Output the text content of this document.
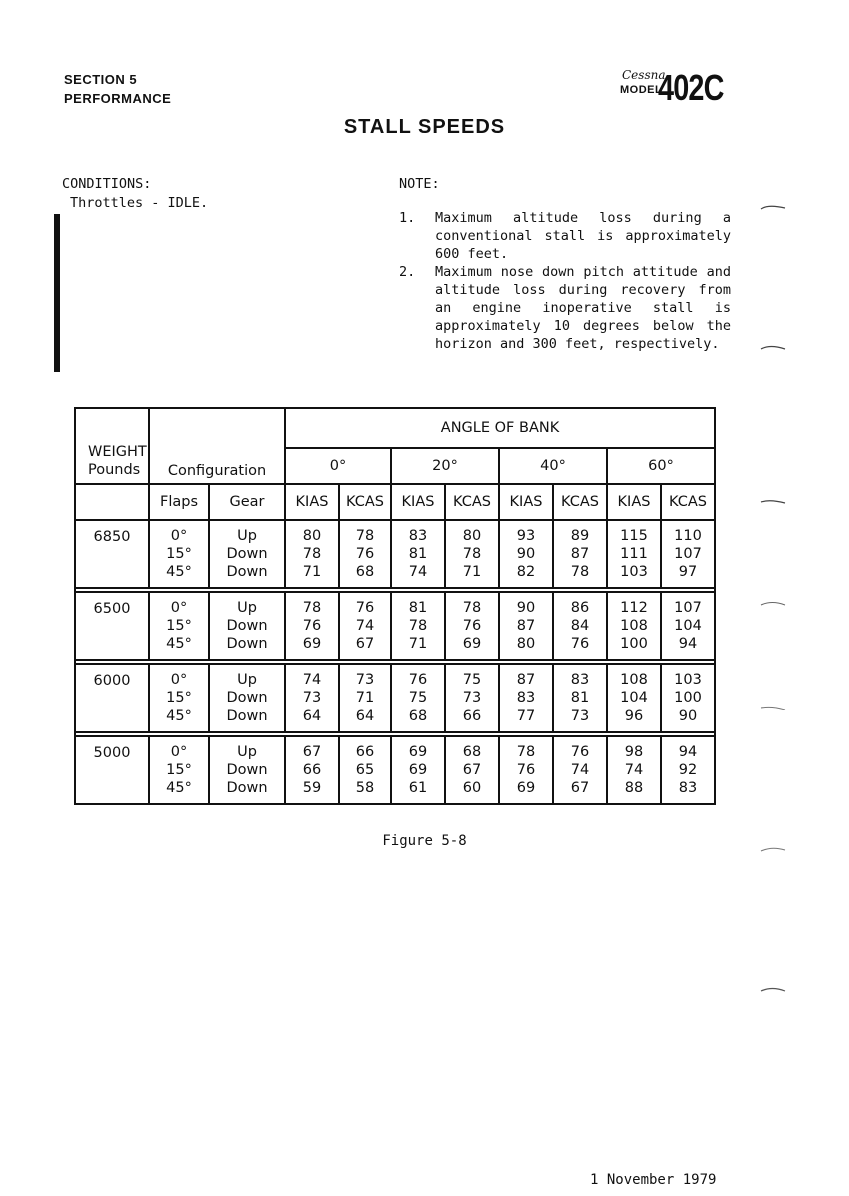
SECTION 5
PERFORMANCE
Cessna
MODEL
402C
STALL SPEEDS
CONDITIONS:
Throttles - IDLE.
NOTE:
1.	Maximum altitude loss during a conventional stall is approximately 600 feet.
2.	Maximum nose down pitch attitude and altitude loss during recovery from an engine inoperative stall is approximately 10 degrees below the horizon and 300 feet, respectively.
WEIGHT
Pounds	Configuration		ANGLE OF BANK							
			0°		20°		40°		60°	
	Flaps	Gear	KIAS	KCAS	KIAS	KCAS	KIAS	KCAS	KIAS	KCAS
6850	0°
15°
45°	Up
Down
Down	80
78
71	78
76
68	83
81
74	80
78
71	93
90
82	89
87
78	115
111
103	110
107
97

6500	0°
15°
45°	Up
Down
Down	78
76
69	76
74
67	81
78
71	78
76
69	90
87
80	86
84
76	112
108
100	107
104
94

6000	0°
15°
45°	Up
Down
Down	74
73
64	73
71
64	76
75
68	75
73
66	87
83
77	83
81
73	108
104
96	103
100
90

5000	0°
15°
45°	Up
Down
Down	67
66
59	66
65
58	69
69
61	68
67
60	78
76
69	76
74
67	98
74
88	94
92
83
Figure 5-8
1 November 1979
